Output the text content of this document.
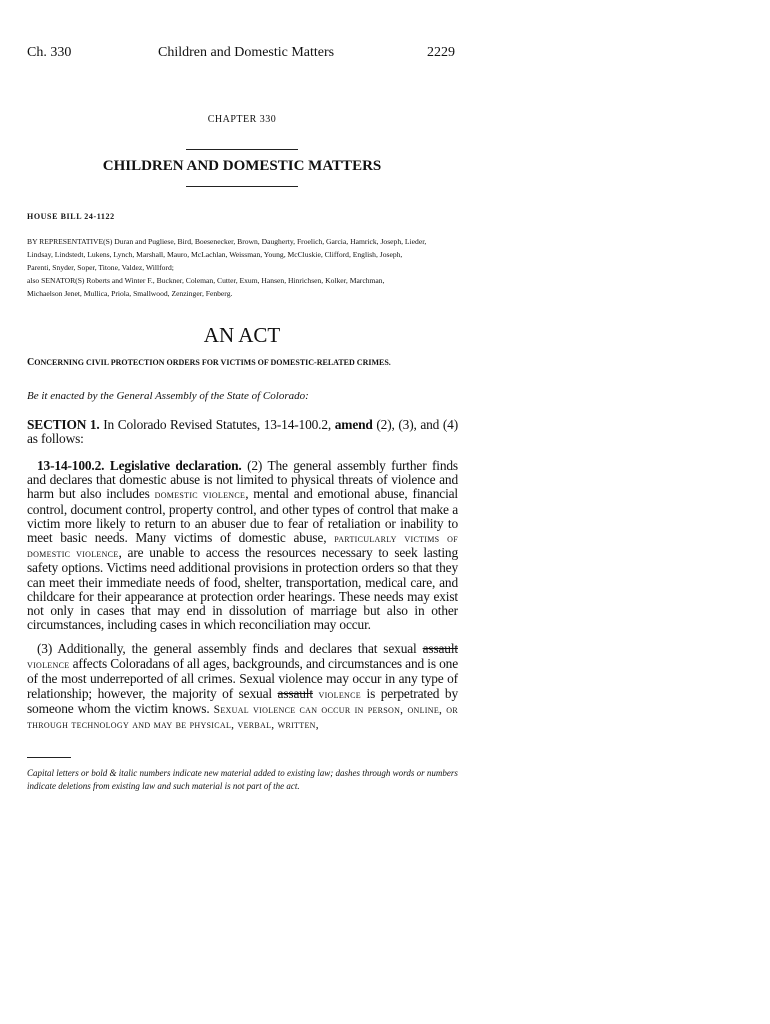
Ch. 330	Children and Domestic Matters	2229
CHAPTER 330
CHILDREN AND DOMESTIC MATTERS
HOUSE BILL 24-1122
BY REPRESENTATIVE(S) Duran and Pugliese, Bird, Boesenecker, Brown, Daugherty, Froelich, Garcia, Hamrick, Joseph, Lieder,
Lindsay, Lindstedt, Lukens, Lynch, Marshall, Mauro, McLachlan, Weissman, Young, McCluskie, Clifford, English, Joseph,
Parenti, Snyder, Soper, Titone, Valdez, Willford;
also SENATOR(S) Roberts and Winter F., Buckner, Coleman, Cutter, Exum, Hansen, Hinrichsen, Kolker, Marchman,
Michaelson Jenet, Mullica, Priola, Smallwood, Zenzinger, Fenberg.
AN ACT
CONCERNING CIVIL PROTECTION ORDERS FOR VICTIMS OF DOMESTIC-RELATED CRIMES.
Be it enacted by the General Assembly of the State of Colorado:
SECTION 1. In Colorado Revised Statutes, 13-14-100.2, amend (2), (3), and (4) as follows:
13-14-100.2. Legislative declaration. (2) The general assembly further finds and declares that domestic abuse is not limited to physical threats of violence and harm but also includes domestic violence, mental and emotional abuse, financial control, document control, property control, and other types of control that make a victim more likely to return to an abuser due to fear of retaliation or inability to meet basic needs. Many victims of domestic abuse, particularly victims of domestic violence, are unable to access the resources necessary to seek lasting safety options. Victims need additional provisions in protection orders so that they can meet their immediate needs of food, shelter, transportation, medical care, and childcare for their appearance at protection order hearings. These needs may exist not only in cases that may end in dissolution of marriage but also in other circumstances, including cases in which reconciliation may occur.
(3) Additionally, the general assembly finds and declares that sexual assault violence affects Coloradans of all ages, backgrounds, and circumstances and is one of the most underreported of all crimes. Sexual violence may occur in any type of relationship; however, the majority of sexual assault violence is perpetrated by someone whom the victim knows. Sexual violence can occur in person, online, or through technology and may be physical, verbal, written,
Capital letters or bold & italic numbers indicate new material added to existing law; dashes through words or numbers indicate deletions from existing law and such material is not part of the act.
